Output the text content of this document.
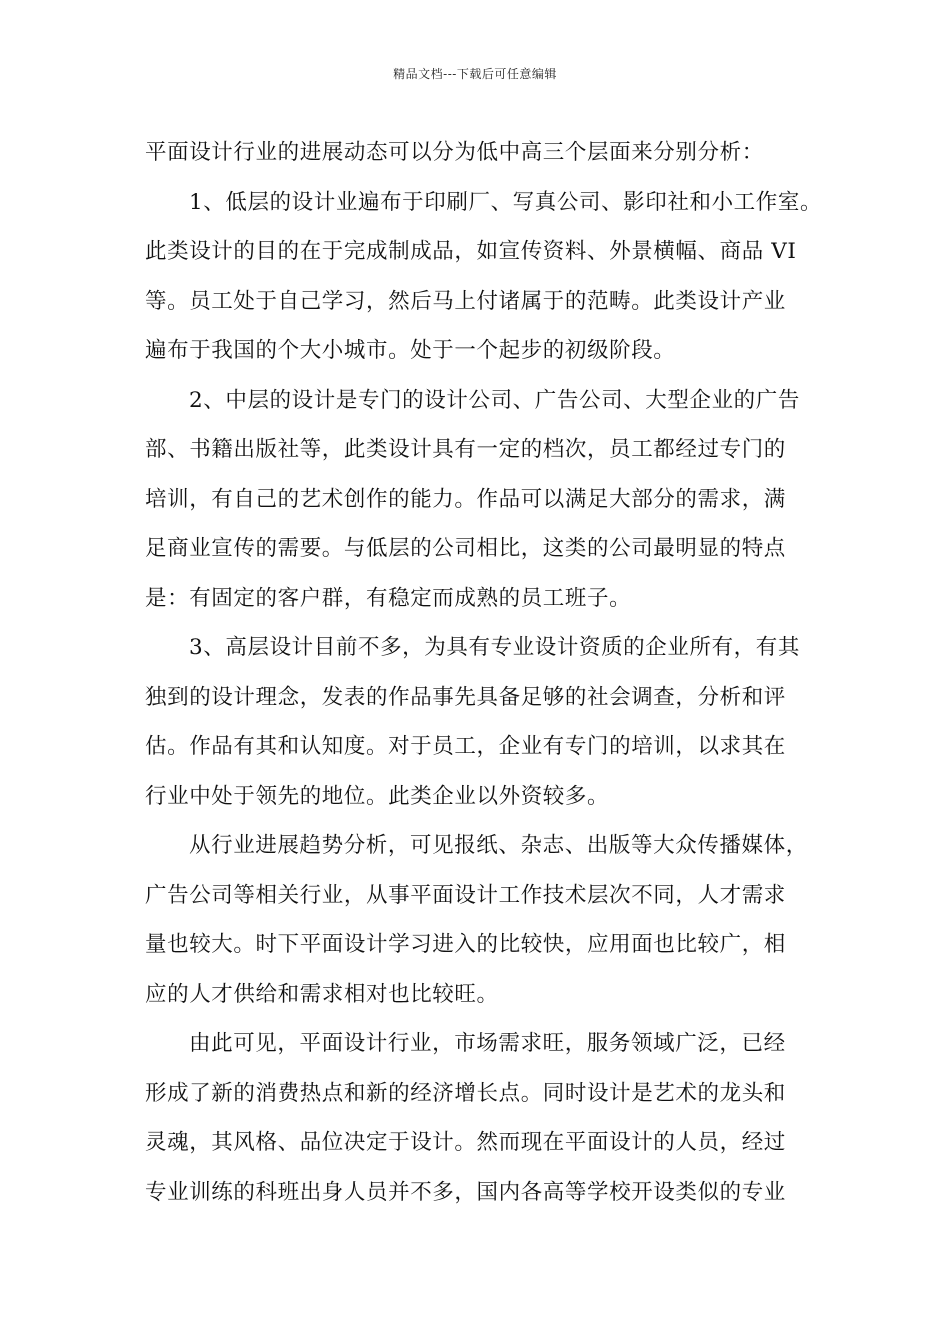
精品文档---下载后可任意编辑
平面设计行业的进展动态可以分为低中高三个层面来分别分析：
1、低层的设计业遍布于印刷厂、写真公司、影印社和小工作室。
此类设计的目的在于完成制成品，如宣传资料、外景横幅、商品 VI
等。员工处于自己学习，然后马上付诸属于的范畴。此类设计产业
遍布于我国的个大小城市。处于一个起步的初级阶段。
2、中层的设计是专门的设计公司、广告公司、大型企业的广告
部、书籍出版社等，此类设计具有一定的档次，员工都经过专门的
培训，有自己的艺术创作的能力。作品可以满足大部分的需求，满
足商业宣传的需要。与低层的公司相比，这类的公司最明显的特点
是：有固定的客户群，有稳定而成熟的员工班子。
3、高层设计目前不多，为具有专业设计资质的企业所有，有其
独到的设计理念，发表的作品事先具备足够的社会调查，分析和评
估。作品有其和认知度。对于员工，企业有专门的培训，以求其在
行业中处于领先的地位。此类企业以外资较多。
从行业进展趋势分析，可见报纸、杂志、出版等大众传播媒体，
广告公司等相关行业，从事平面设计工作技术层次不同，人才需求
量也较大。时下平面设计学习进入的比较快，应用面也比较广，相
应的人才供给和需求相对也比较旺。
由此可见，平面设计行业，市场需求旺，服务领域广泛，已经
形成了新的消费热点和新的经济增长点。同时设计是艺术的龙头和
灵魂，其风格、品位决定于设计。然而现在平面设计的人员，经过
专业训练的科班出身人员并不多，国内各高等学校开设类似的专业
